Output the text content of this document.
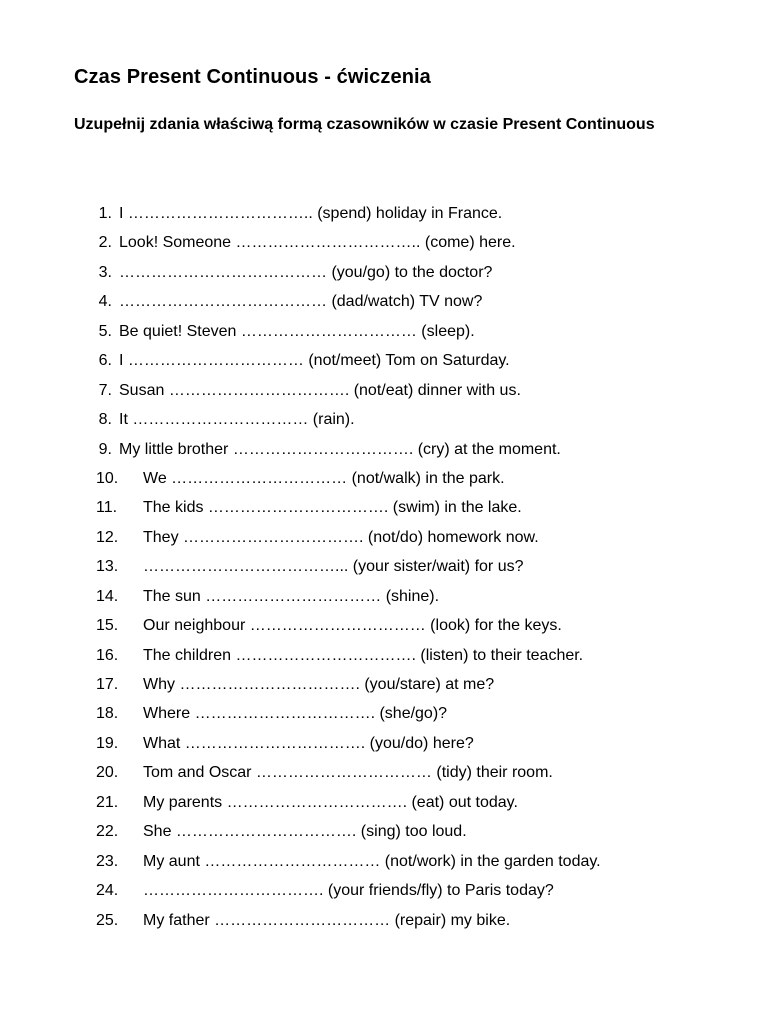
Czas Present Continuous - ćwiczenia
Uzupełnij zdania właściwą formą czasowników w czasie Present Continuous
1. I …………………………….. (spend) holiday in France.
2. Look! Someone …………………………….. (come) here.
3. ………………………………… (you/go) to the doctor?
4. ………………………………… (dad/watch) TV now?
5. Be quiet! Steven …………………………… (sleep).
6. I …………………………… (not/meet) Tom on Saturday.
7. Susan ……………………………. (not/eat) dinner with us.
8. It …………………………… (rain).
9. My little brother ……………………………. (cry) at the moment.
10. We …………………………… (not/walk) in the park.
11. The kids ……………………………. (swim) in the lake.
12. They ……………………………. (not/do) homework now.
13. ………………………………... (your sister/wait) for us?
14. The sun …………………………… (shine).
15. Our neighbour …………………………… (look) for the keys.
16. The children ……………………………. (listen) to their teacher.
17. Why ……………………………. (you/stare) at me?
18. Where ……………………………. (she/go)?
19. What ……………………………. (you/do) here?
20. Tom and Oscar …………………………… (tidy) their room.
21. My parents ……………………………. (eat) out today.
22. She ……………………………. (sing) too loud.
23. My aunt …………………………… (not/work) in the garden today.
24. ……………………………. (your friends/fly) to Paris today?
25. My father …………………………… (repair) my bike.
